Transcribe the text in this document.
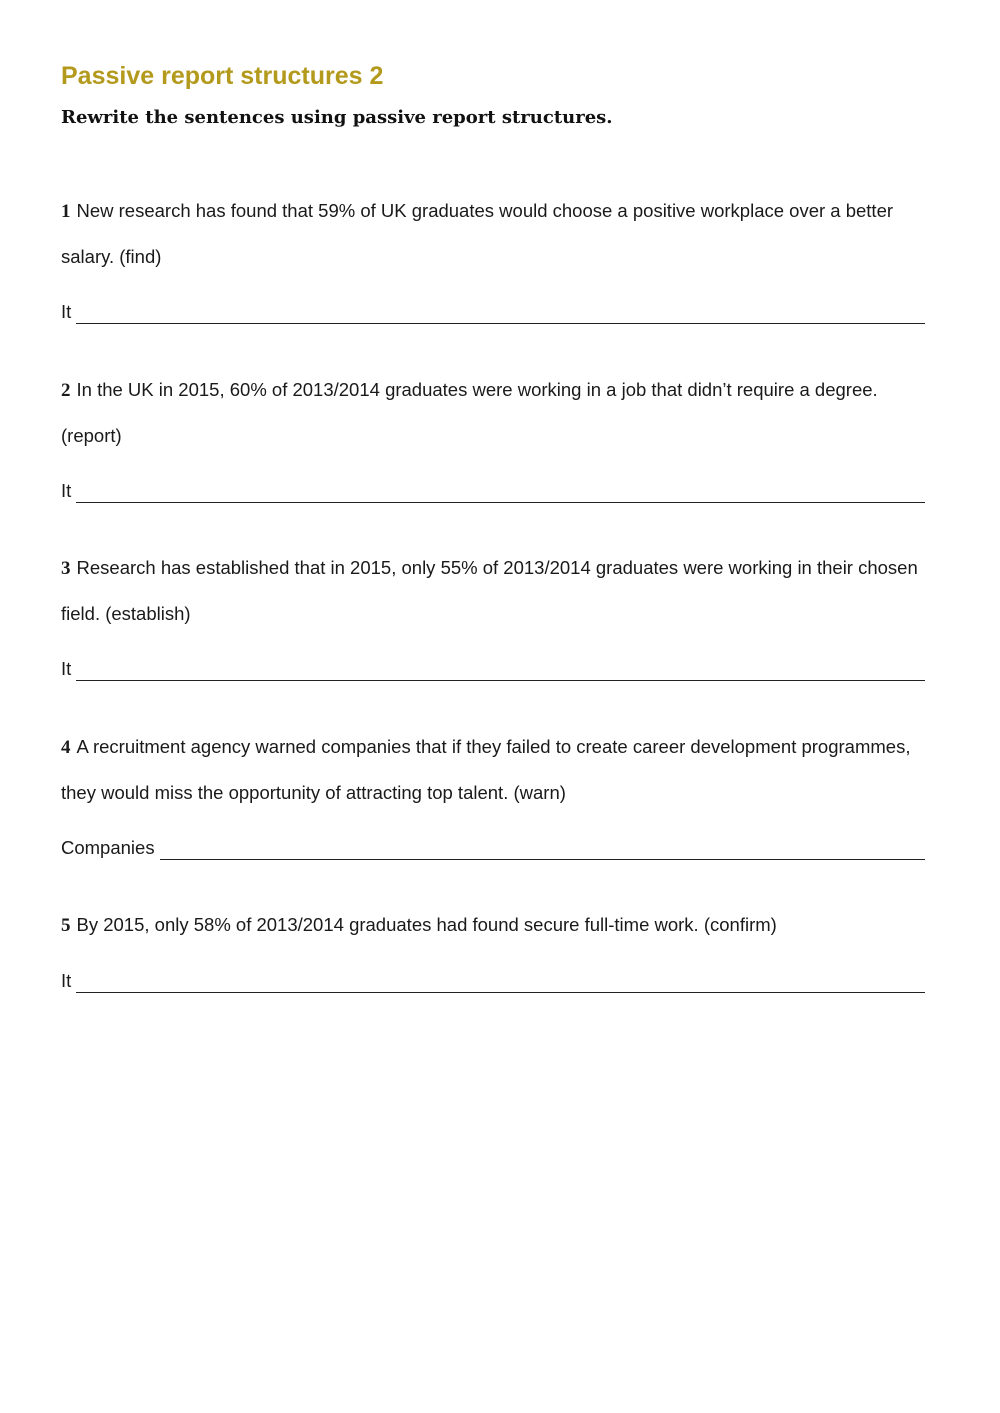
Passive report structures 2

Rewrite the sentences using passive report structures.

1 New research has found that 59% of UK graduates would choose a positive workplace over a better salary. (find)

It

2 In the UK in 2015, 60% of 2013/2014 graduates were working in a job that didn’t require a degree. (report)

It

3 Research has established that in 2015, only 55% of 2013/2014 graduates were working in their chosen field. (establish)

It

4 A recruitment agency warned companies that if they failed to create career development programmes, they would miss the opportunity of attracting top talent. (warn)

Companies

5 By 2015, only 58% of 2013/2014 graduates had found secure full-time work. (confirm)

It
